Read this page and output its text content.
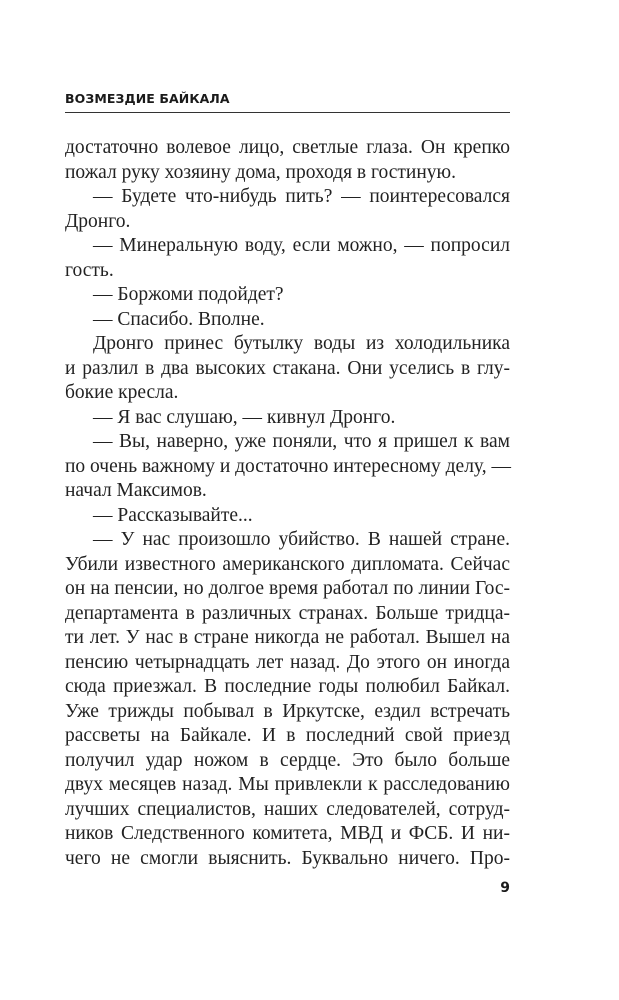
ВОЗМЕЗДИЕ БАЙКАЛА
достаточно волевое лицо, светлые глаза. Он крепко
пожал руку хозяину дома, проходя в гостиную.
— Будете что-нибудь пить? — поинтересовался
Дронго.
— Минеральную воду, если можно, — попросил
гость.
— Боржоми подойдет?
— Спасибо. Вполне.
Дронго принес бутылку воды из холодильника
и разлил в два высоких стакана. Они уселись в глу-
бокие кресла.
— Я вас слушаю, — кивнул Дронго.
— Вы, наверно, уже поняли, что я пришел к вам
по очень важному и достаточно интересному делу, —
начал Максимов.
— Рассказывайте...
— У нас произошло убийство. В нашей стране.
Убили известного американского дипломата. Сейчас
он на пенсии, но долгое время работал по линии Гос-
департамента в различных странах. Больше тридца-
ти лет. У нас в стране никогда не работал. Вышел на
пенсию четырнадцать лет назад. До этого он иногда
сюда приезжал. В последние годы полюбил Байкал.
Уже трижды побывал в Иркутске, ездил встречать
рассветы на Байкале. И в последний свой приезд
получил удар ножом в сердце. Это было больше
двух месяцев назад. Мы привлекли к расследованию
лучших специалистов, наших следователей, сотруд-
ников Следственного комитета, МВД и ФСБ. И ни-
чего не смогли выяснить. Буквально ничего. Про-
9
